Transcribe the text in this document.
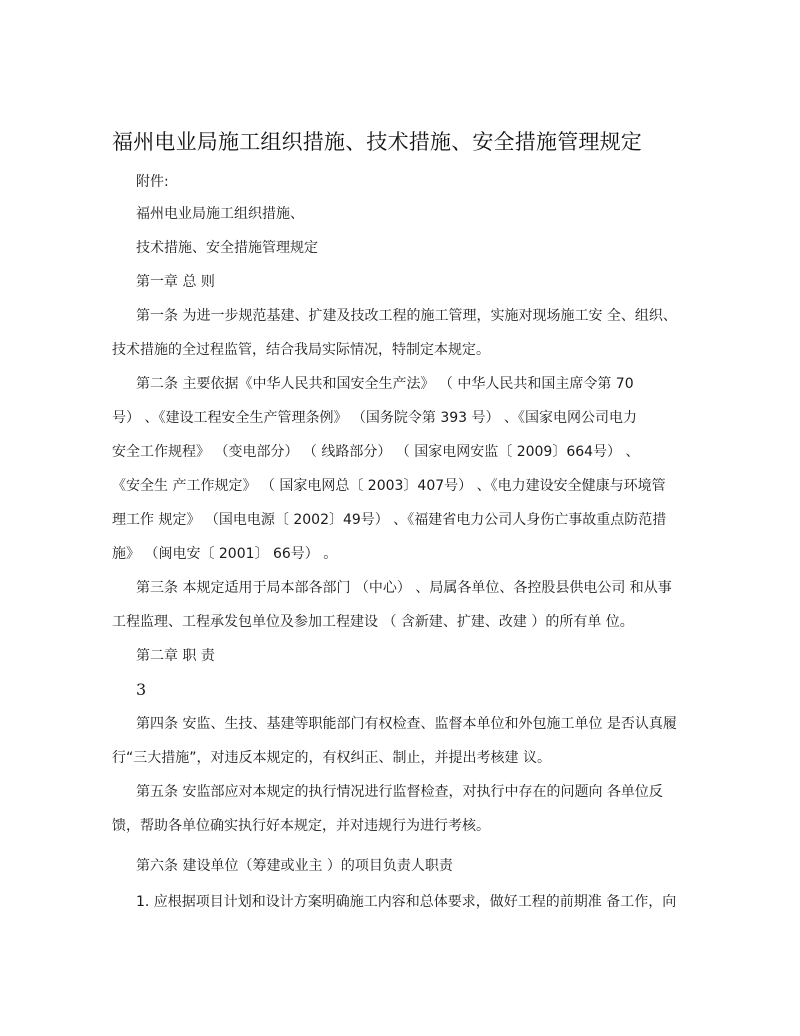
福州电业局施工组织措施、技术措施、安全措施管理规定
附件:
福州电业局施工组织措施、
技术措施、安全措施管理规定
第一章 总 则
第一条 为进一步规范基建、扩建及技改工程的施工管理，实施对现场施工安 全、组织、
技术措施的全过程监管，结合我局实际情况，特制定本规定。
第二条 主要依据《中华人民共和国安全生产法》 （ 中华人民共和国主席令第 70
号） 、《建设工程安全生产管理条例》 （国务院令第 393 号） 、《国家电网公司电力
安全工作规程》 （变电部分） （ 线路部分） （ 国家电网安监〔 2009〕664号） 、
《安全生 产工作规定》 （ 国家电网总〔 2003〕407号） 、《电力建设安全健康与环境管
理工作 规定》 （国电电源〔 2002〕49号） 、《福建省电力公司人身伤亡事故重点防范措
施》 （闽电安〔 2001〕 66号） 。
第三条 本规定适用于局本部各部门 （中心） 、局属各单位、各控股县供电公司 和从事
工程监理、工程承发包单位及参加工程建设 （ 含新建、扩建、改建 ）的所有单 位。
第二章 职 责
3
第四条 安监、生技、基建等职能部门有权检查、监督本单位和外包施工单位 是否认真履
行“三大措施”，对违反本规定的，有权纠正、制止，并提出考核建 议。
第五条 安监部应对本规定的执行情况进行监督检查，对执行中存在的问题向 各单位反
馈，帮助各单位确实执行好本规定，并对违规行为进行考核。
第六条 建设单位（筹建或业主 ）的项目负责人职责
1. 应根据项目计划和设计方案明确施工内容和总体要求，做好工程的前期准 备工作，向
